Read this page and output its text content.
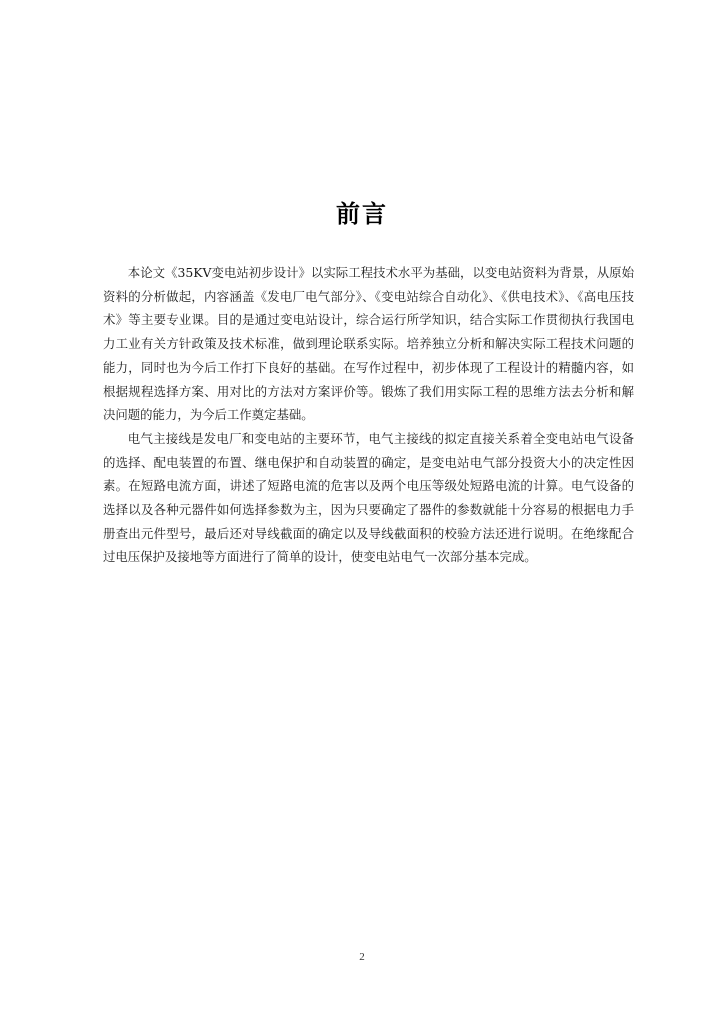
前言

本论文《35KV变电站初步设计》以实际工程技术水平为基础，以变电站资料为背景，从原始资料的分析做起，内容涵盖《发电厂电气部分》、《变电站综合自动化》、《供电技术》、《高电压技术》等主要专业课。目的是通过变电站设计，综合运行所学知识，结合实际工作贯彻执行我国电力工业有关方针政策及技术标准，做到理论联系实际。培养独立分析和解决实际工程技术问题的能力，同时也为今后工作打下良好的基础。在写作过程中，初步体现了工程设计的精髓内容，如根据规程选择方案、用对比的方法对方案评价等。锻炼了我们用实际工程的思维方法去分析和解决问题的能力，为今后工作奠定基础。

电气主接线是发电厂和变电站的主要环节，电气主接线的拟定直接关系着全变电站电气设备的选择、配电装置的布置、继电保护和自动装置的确定，是变电站电气部分投资大小的决定性因素。在短路电流方面，讲述了短路电流的危害以及两个电压等级处短路电流的计算。电气设备的选择以及各种元器件如何选择参数为主，因为只要确定了器件的参数就能十分容易的根据电力手册查出元件型号，最后还对导线截面的确定以及导线截面积的校验方法还进行说明。在绝缘配合过电压保护及接地等方面进行了简单的设计，使变电站电气一次部分基本完成。

2
